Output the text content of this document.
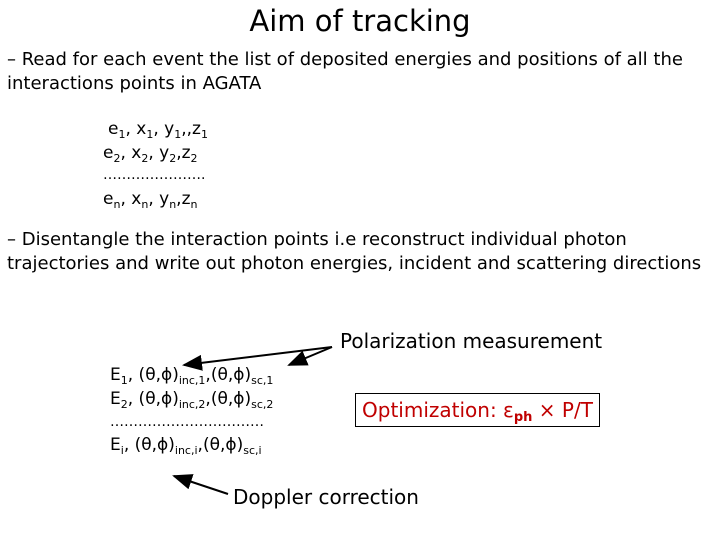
Aim of tracking
– Read for each event the list of deposited energies and positions of all the interactions points in AGATA
$e_1$, $x_1$, $y_1,,z_1$
$e_2$, $x_2$, $y_2,z_2$
………………….
$e_n$, $x_n$, $y_n,z_n$
– Disentangle the interaction points i.e reconstruct individual photon trajectories and write out photon energies, incident and scattering directions
$E_1$, $(\theta,\phi)_{inc,1},(\theta,\phi)_{sc,1}$
$E_2$, $(\theta,\phi)_{inc,2},(\theta,\phi)_{sc,2}$
……………………………
$E_i$, $(\theta,\phi)_{inc,i},(\theta,\phi)_{sc,i}$
Polarization measurement
Optimization: $\varepsilon_{ph} \times P/T$
Doppler correction
